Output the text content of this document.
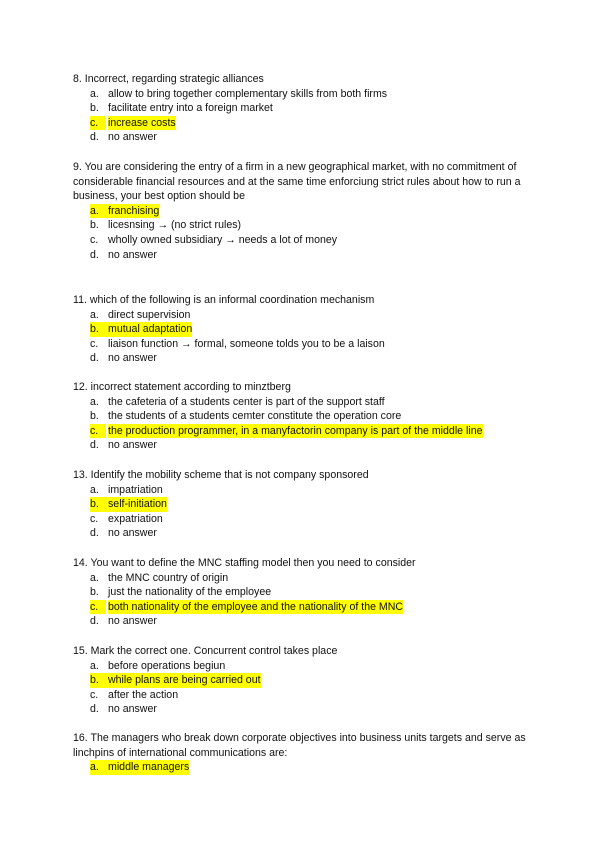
8. Incorrect, regarding strategic alliances

a. allow to bring together complementary skills from both firms
b. facilitate entry into a foreign market
c. increase costs
d. no answer

9. You are considering the entry of a firm in a new geographical market, with no commitment of considerable financial resources and at the same time enforciung strict rules about how to run a business, your best option should be

a. franchising
b. licesnsing → (no strict rules)
c. wholly owned subsidiary → needs a lot of money
d. no answer

11. which of the following is an informal coordination mechanism

a. direct supervision
b. mutual adaptation
c. liaison function → formal, someone tolds you to be a laison
d. no answer

12. incorrect statement according to minztberg

a. the cafeteria of a students center is part of the support staff
b. the students of a students cemter constitute the operation core
c. the production programmer, in a manyfactorin company is part of the middle line
d. no answer

13. Identify the mobility scheme that is not company sponsored

a. impatriation
b. self-initiation
c. expatriation
d. no answer

14. You want to define the MNC staffing model then you need to consider

a. the MNC country of origin
b. just the nationality of the employee
c. both nationality of the employee and the nationality of the MNC
d. no answer

15. Mark the correct one. Concurrent control takes place

a. before operations begiun
b. while plans are being carried out
c. after the action
d. no answer

16. The managers who break down corporate objectives into business units targets and serve as linchpins of international communications are:

a. middle managers
